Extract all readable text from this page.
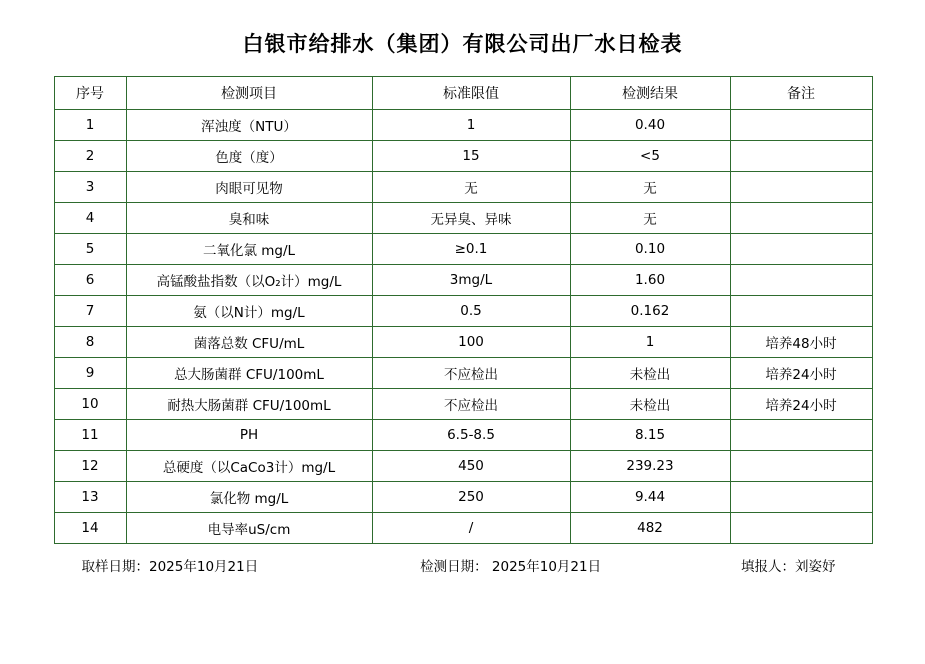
白银市给排水（集团）有限公司出厂水日检表
序号	检测项目	标准限值	检测结果	备注
1	浑浊度（NTU）	1	0.40	
2	色度（度）	15	<5	
3	肉眼可见物	无	无	
4	臭和味	无异臭、异味	无	
5	二氧化氯 mg/L	≥0.1	0.10	
6	高锰酸盐指数（以O₂计）mg/L	3mg/L	1.60	
7	氨（以N计）mg/L	0.5	0.162	
8	菌落总数 CFU/mL	100	1	培养48小时
9	总大肠菌群 CFU/100mL	不应检出	未检出	培养24小时
10	耐热大肠菌群 CFU/100mL	不应检出	未检出	培养24小时
11	PH	6.5-8.5	8.15	
12	总硬度（以CaCo3计）mg/L	450	239.23	
13	氯化物 mg/L	250	9.44	
14	电导率uS/cm	/	482	
取样日期：2025年10月21日	检测日期： 2025年10月21日	填报人：刘姿妤
